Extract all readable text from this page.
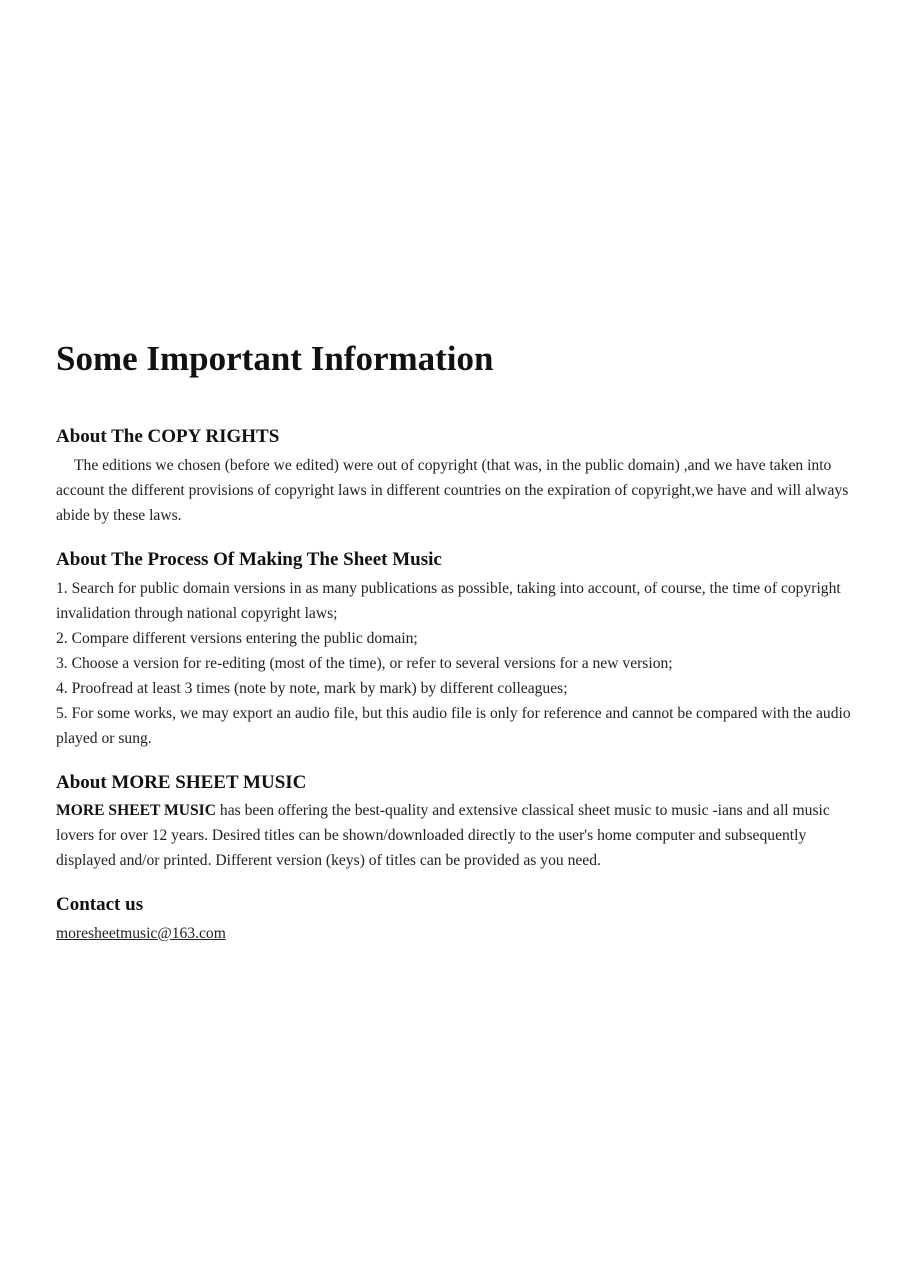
Some Important Information
About The COPY RIGHTS

The editions we chosen (before we edited) were out of copyright (that was, in the public domain) ,and we have taken into account the different provisions of copyright laws in different countries on the expiration of copyright,we have and will always abide by these laws.

About The Process Of Making The Sheet Music

1. Search for public domain versions in as many publications as possible, taking into account, of course, the time of copyright invalidation through national copyright laws;

2. Compare different versions entering the public domain;

3. Choose a version for re-editing (most of the time), or refer to several versions for a new version;

4. Proofread at least 3 times (note by note, mark by mark) by different colleagues;

5. For some works, we may export an audio file, but this audio file is only for reference and cannot be compared with the audio played or sung.

About MORE SHEET MUSIC

MORE SHEET MUSIC has been offering the best-quality and extensive classical sheet music to music -ians and all music lovers for over 12 years. Desired titles can be shown/downloaded directly to the user's home computer and subsequently displayed and/or printed. Different version (keys) of titles can be provided as you need.

Contact us
moresheetmusic@163.com
